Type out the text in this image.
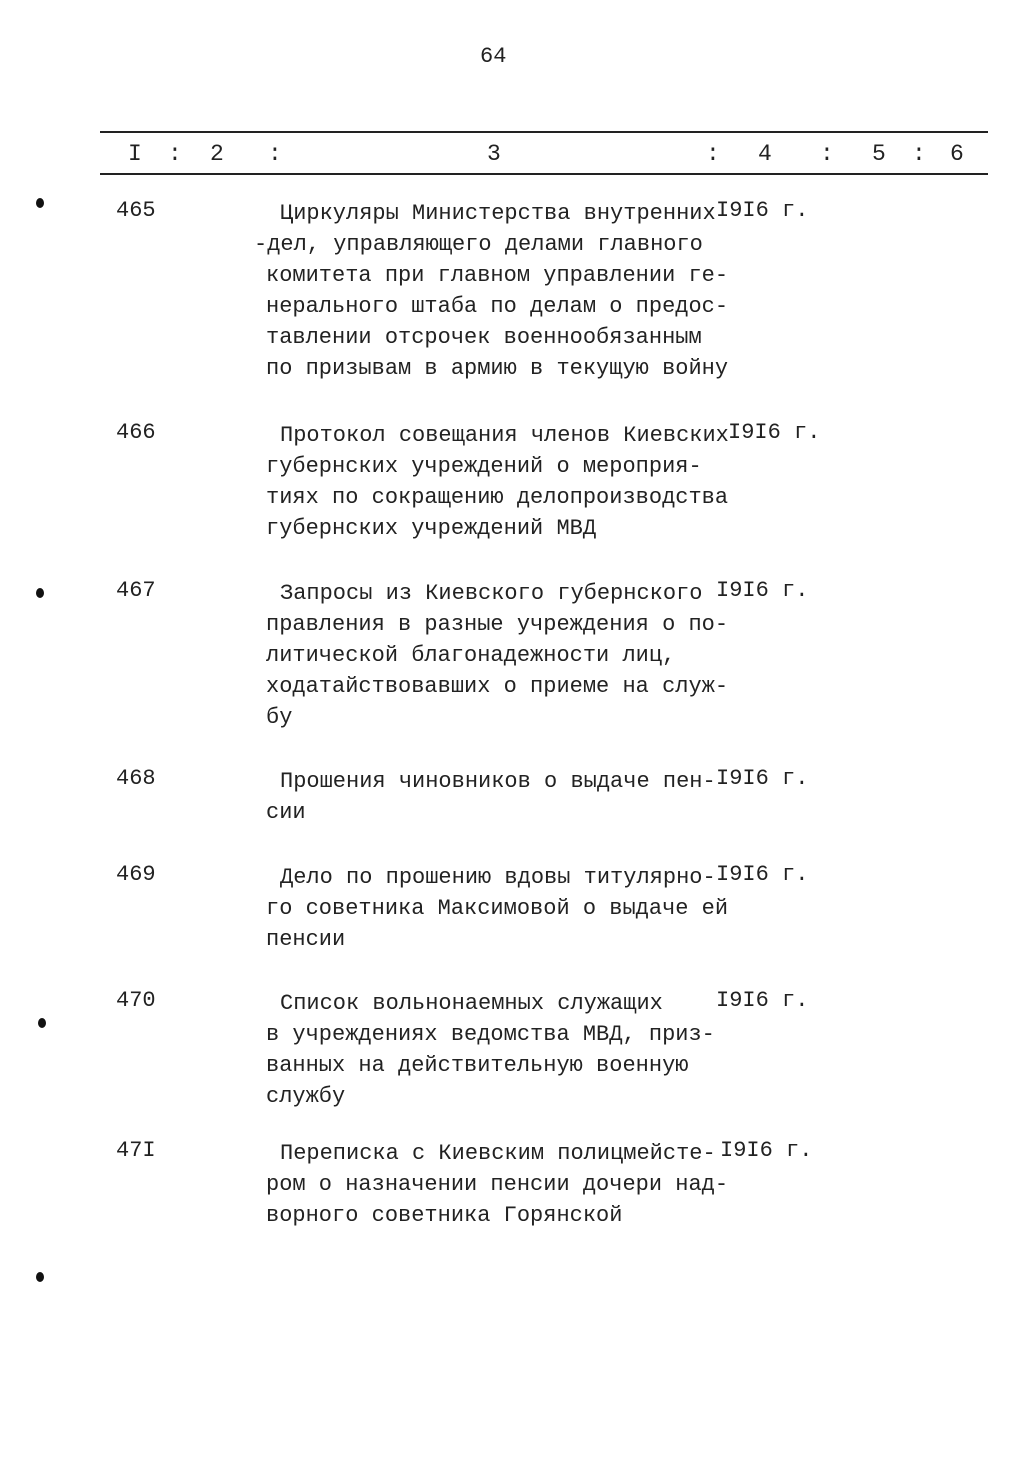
64
I : 2 :	3	: 4 : 5 : 6
465	Циркуляры Министерства внутренних
-дел, управляющего делами главного
комитета при главном управлении ге-
нерального штаба по делам о предос-
тавлении отсрочек военнообязанным
по призывам в армию в текущую войну
I9I6 г.
466	Протокол совещания членов Киевских
губернских учреждений о мероприя-
тиях по сокращению делопроизводства
губернских учреждений МВД
I9I6 г.
467	Запросы из Киевского губернского
правления в разные учреждения о по-
литической благонадежности лиц,
ходатайствовавших о приеме на служ-
бу
I9I6 г.
468	Прошения чиновников о выдаче пен-
сии
I9I6 г.
469	Дело по прошению вдовы титулярно-
го советника Максимовой о выдаче ей
пенсии
I9I6 г.
470	Список вольнонаемных служащих
в учреждениях ведомства МВД, приз-
ванных на действительную военную
службу
I9I6 г.
47I	Переписка с Киевским полицмейсте-
ром о назначении пенсии дочери над-
ворного советника Горянской
I9I6 г.
